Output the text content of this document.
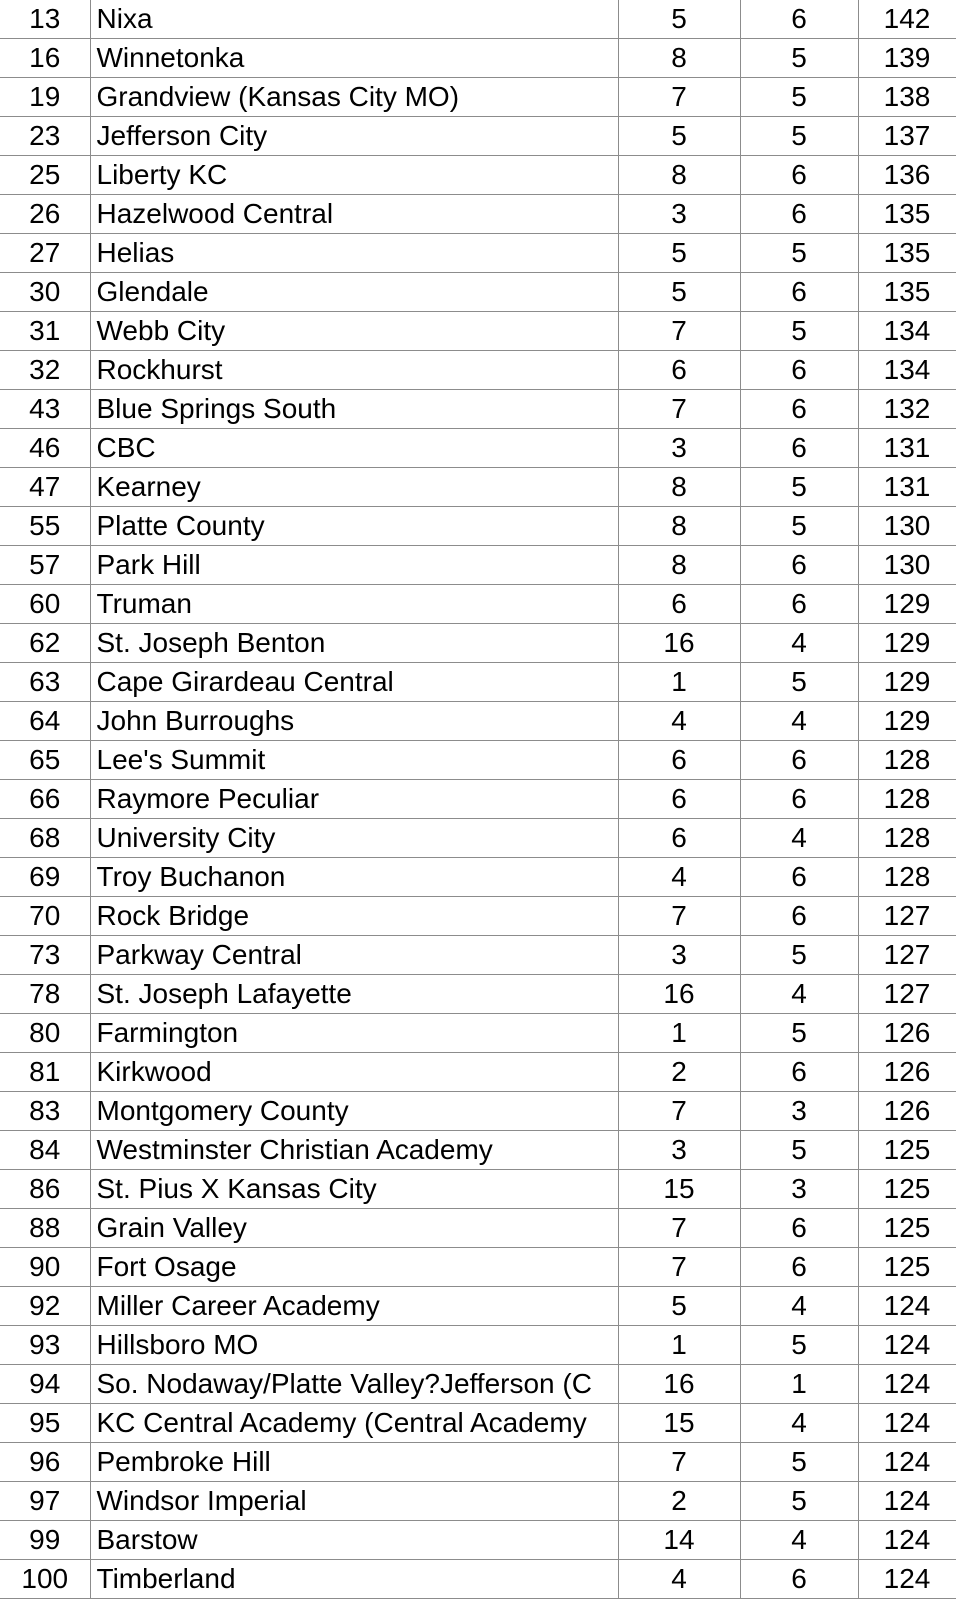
13	Nixa	5	6	142
16	Winnetonka	8	5	139
19	Grandview (Kansas City MO)	7	5	138
23	Jefferson City	5	5	137
25	Liberty KC	8	6	136
26	Hazelwood Central	3	6	135
27	Helias	5	5	135
30	Glendale	5	6	135
31	Webb City	7	5	134
32	Rockhurst	6	6	134
43	Blue Springs South	7	6	132
46	CBC	3	6	131
47	Kearney	8	5	131
55	Platte County	8	5	130
57	Park Hill	8	6	130
60	Truman	6	6	129
62	St. Joseph Benton	16	4	129
63	Cape Girardeau Central	1	5	129
64	John Burroughs	4	4	129
65	Lee's Summit	6	6	128
66	Raymore Peculiar	6	6	128
68	University City	6	4	128
69	Troy Buchanon	4	6	128
70	Rock Bridge	7	6	127
73	Parkway Central	3	5	127
78	St. Joseph Lafayette	16	4	127
80	Farmington	1	5	126
81	Kirkwood	2	6	126
83	Montgomery County	7	3	126
84	Westminster Christian Academy	3	5	125
86	St. Pius X Kansas City	15	3	125
88	Grain Valley	7	6	125
90	Fort Osage	7	6	125
92	Miller Career Academy	5	4	124
93	Hillsboro MO	1	5	124
94	So. Nodaway/Platte Valley?Jefferson (C	16	1	124
95	KC Central Academy (Central Academy	15	4	124
96	Pembroke Hill	7	5	124
97	Windsor Imperial	2	5	124
99	Barstow	14	4	124
100	Timberland	4	6	124
